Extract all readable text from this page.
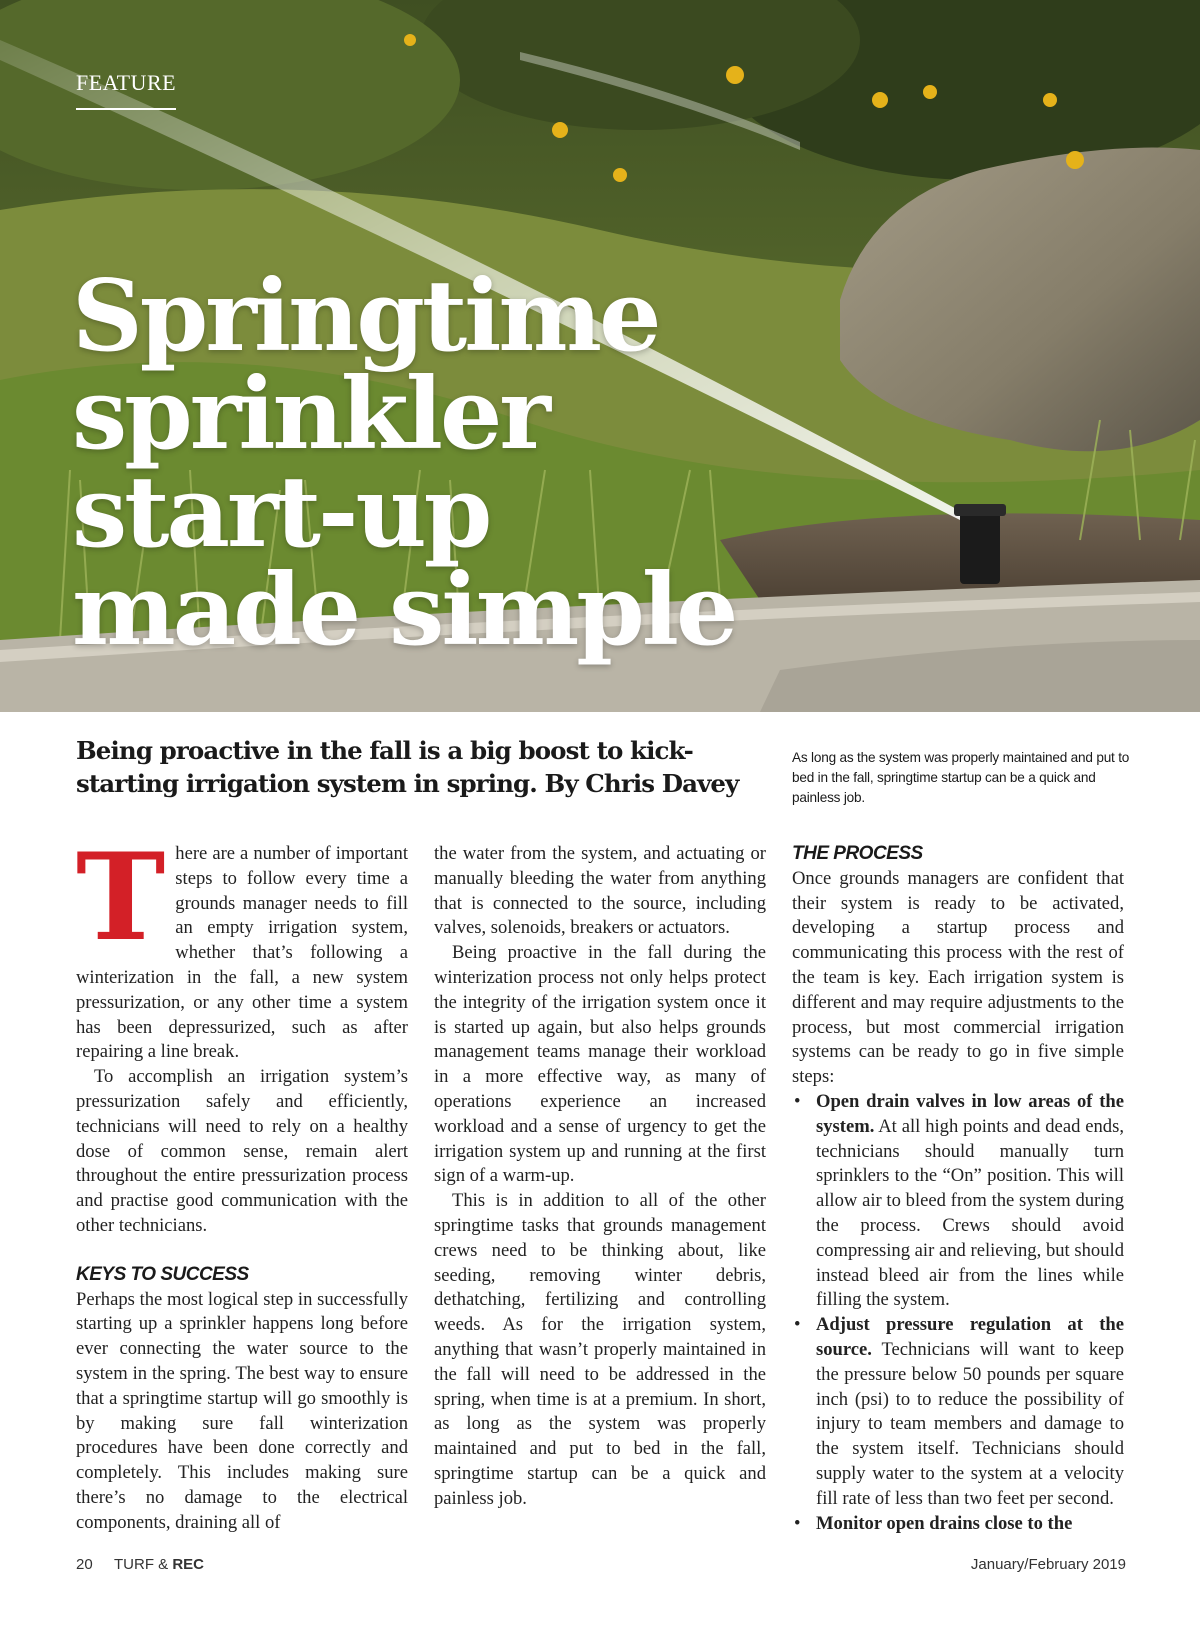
FEATURE
Springtime
sprinkler
start-up
made simple

Being proactive in the fall is a big boost to kick-starting irrigation system in spring. By Chris Davey

As long as the system was properly maintained and put to bed in the fall, springtime startup can be a quick and painless job.

There are a number of important steps to follow every time a grounds manager needs to fill an empty irrigation system, whether that’s following a winterization in the fall, a new system pressurization, or any other time a system has been depressurized, such as after repairing a line break.

To accomplish an irrigation system’s pressurization safely and efficiently, technicians will need to rely on a healthy dose of common sense, remain alert throughout the entire pressurization process and practise good communication with the other technicians.

KEYS TO SUCCESS

Perhaps the most logical step in successfully starting up a sprinkler happens long before ever connecting the water source to the system in the spring. The best way to ensure that a springtime startup will go smoothly is by making sure fall winterization procedures have been done correctly and completely. This includes making sure there’s no damage to the electrical components, draining all of

the water from the system, and actuating or manually bleeding the water from anything that is connected to the source, including valves, solenoids, breakers or actuators.

Being proactive in the fall during the winterization process not only helps protect the integrity of the irrigation system once it is started up again, but also helps grounds management teams manage their workload in a more effective way, as many of operations experience an increased workload and a sense of urgency to get the irrigation system up and running at the first sign of a warm-up.

This is in addition to all of the other springtime tasks that grounds management crews need to be thinking about, like seeding, removing winter debris, dethatching, fertilizing and controlling weeds. As for the irrigation system, anything that wasn’t properly maintained in the fall will need to be addressed in the spring, when time is at a premium. In short, as long as the system was properly maintained and put to bed in the fall, springtime startup can be a quick and painless job.

THE PROCESS

Once grounds managers are confident that their system is ready to be activated, developing a startup process and communicating this process with the rest of the team is key. Each irrigation system is different and may require adjustments to the process, but most commercial irrigation systems can be ready to go in five simple steps:

• Open drain valves in low areas of the system. At all high points and dead ends, technicians should manually turn sprinklers to the “On” position. This will allow air to bleed from the system during the process. Crews should avoid compressing air and relieving, but should instead bleed air from the lines while filling the system.
• Adjust pressure regulation at the source. Technicians will want to keep the pressure below 50 pounds per square inch (psi) to to reduce the possibility of injury to team members and damage to the system itself. Technicians should supply water to the system at a velocity fill rate of less than two feet per second.
• Monitor open drains close to the
20 TURF & REC	January/February 2019
